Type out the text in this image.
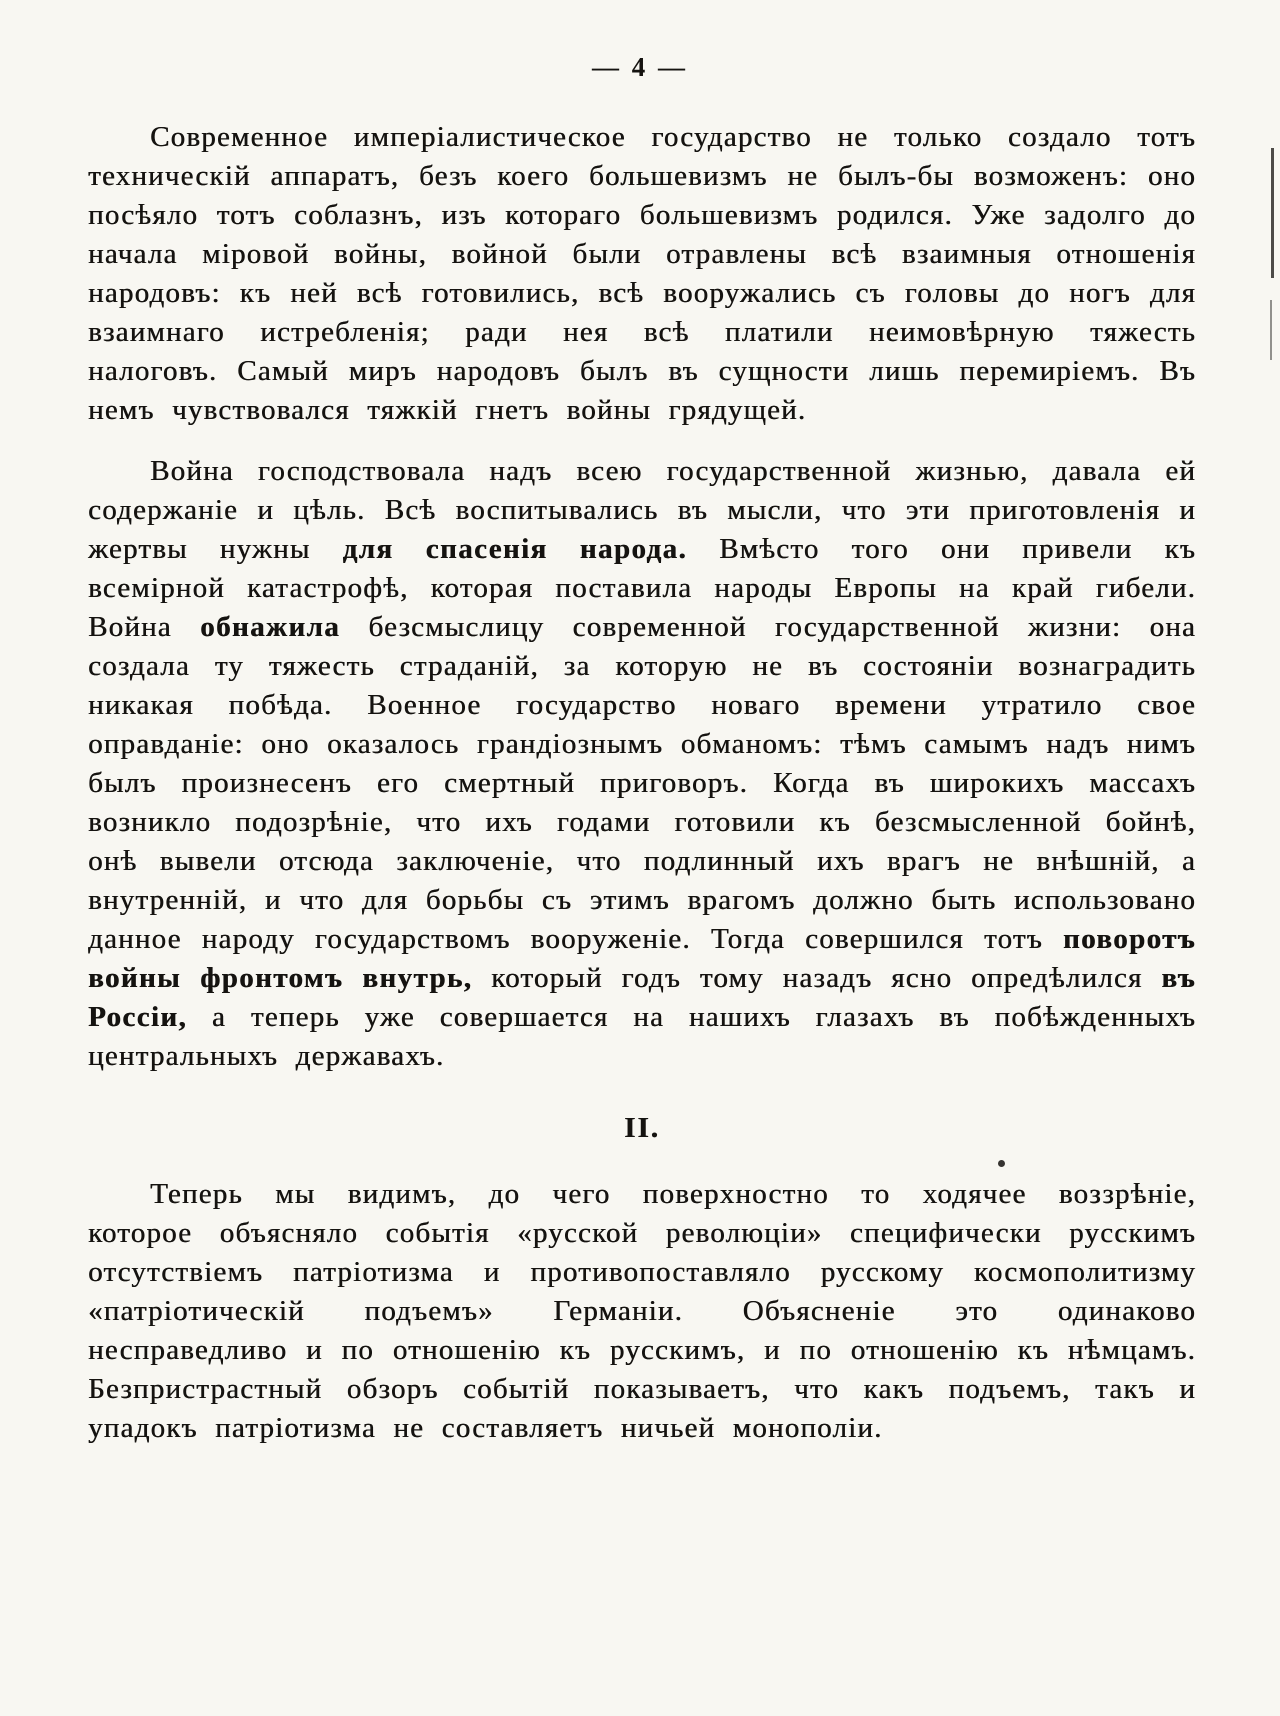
— 4 —

Современное имперіалистическое государство не только создало тотъ техническій аппаратъ, безъ коего большевизмъ не былъ-бы возможенъ: оно посѣяло тотъ соблазнъ, изъ котораго большевизмъ родился. Уже задолго до начала міровой войны, войной были отравлены всѣ взаимныя отношенія народовъ: къ ней всѣ готовились, всѣ вооружались съ головы до ногъ для взаимнаго истребленія; ради нея всѣ платили неимовѣрную тяжесть налоговъ. Самый миръ народовъ былъ въ сущности лишь перемиріемъ. Въ немъ чувствовался тяжкій гнетъ войны грядущей.

Война господствовала надъ всею государственной жизнью, давала ей содержаніе и цѣль. Всѣ воспитывались въ мысли, что эти приготовленія и жертвы нужны для спасенія народа. Вмѣсто того они привели къ всемірной катастрофѣ, которая поставила народы Европы на край гибели. Война обнажила безсмыслицу современной государственной жизни: она создала ту тяжесть страданій, за которую не въ состояніи вознаградить никакая побѣда. Военное государство новаго времени утратило свое оправданіе: оно оказалось грандіознымъ обманомъ: тѣмъ самымъ надъ нимъ былъ произнесенъ его смертный приговоръ. Когда въ широкихъ массахъ возникло подозрѣніе, что ихъ годами готовили къ безсмысленной бойнѣ, онѣ вывели отсюда заключеніе, что подлинный ихъ врагъ не внѣшній, а внутренній, и что для борьбы съ этимъ врагомъ должно быть использовано данное народу государствомъ вооруженіе. Тогда совершился тотъ поворотъ войны фронтомъ внутрь, который годъ тому назадъ ясно опредѣлился въ Россіи, а теперь уже совершается на нашихъ глазахъ въ побѣжденныхъ центральныхъ державахъ.

II.

Теперь мы видимъ, до чего поверхностно то ходячее воззрѣніе, которое объясняло событія «русской революціи» специфически русскимъ отсутствіемъ патріотизма и противопоставляло русскому космополитизму «патріотическій подъемъ» Германіи. Объясненіе это одинаково несправедливо и по отношенію къ русскимъ, и по отношенію къ нѣмцамъ. Безпристрастный обзоръ событій показываетъ, что какъ подъемъ, такъ и упадокъ патріотизма не составляетъ ничьей монополіи.
